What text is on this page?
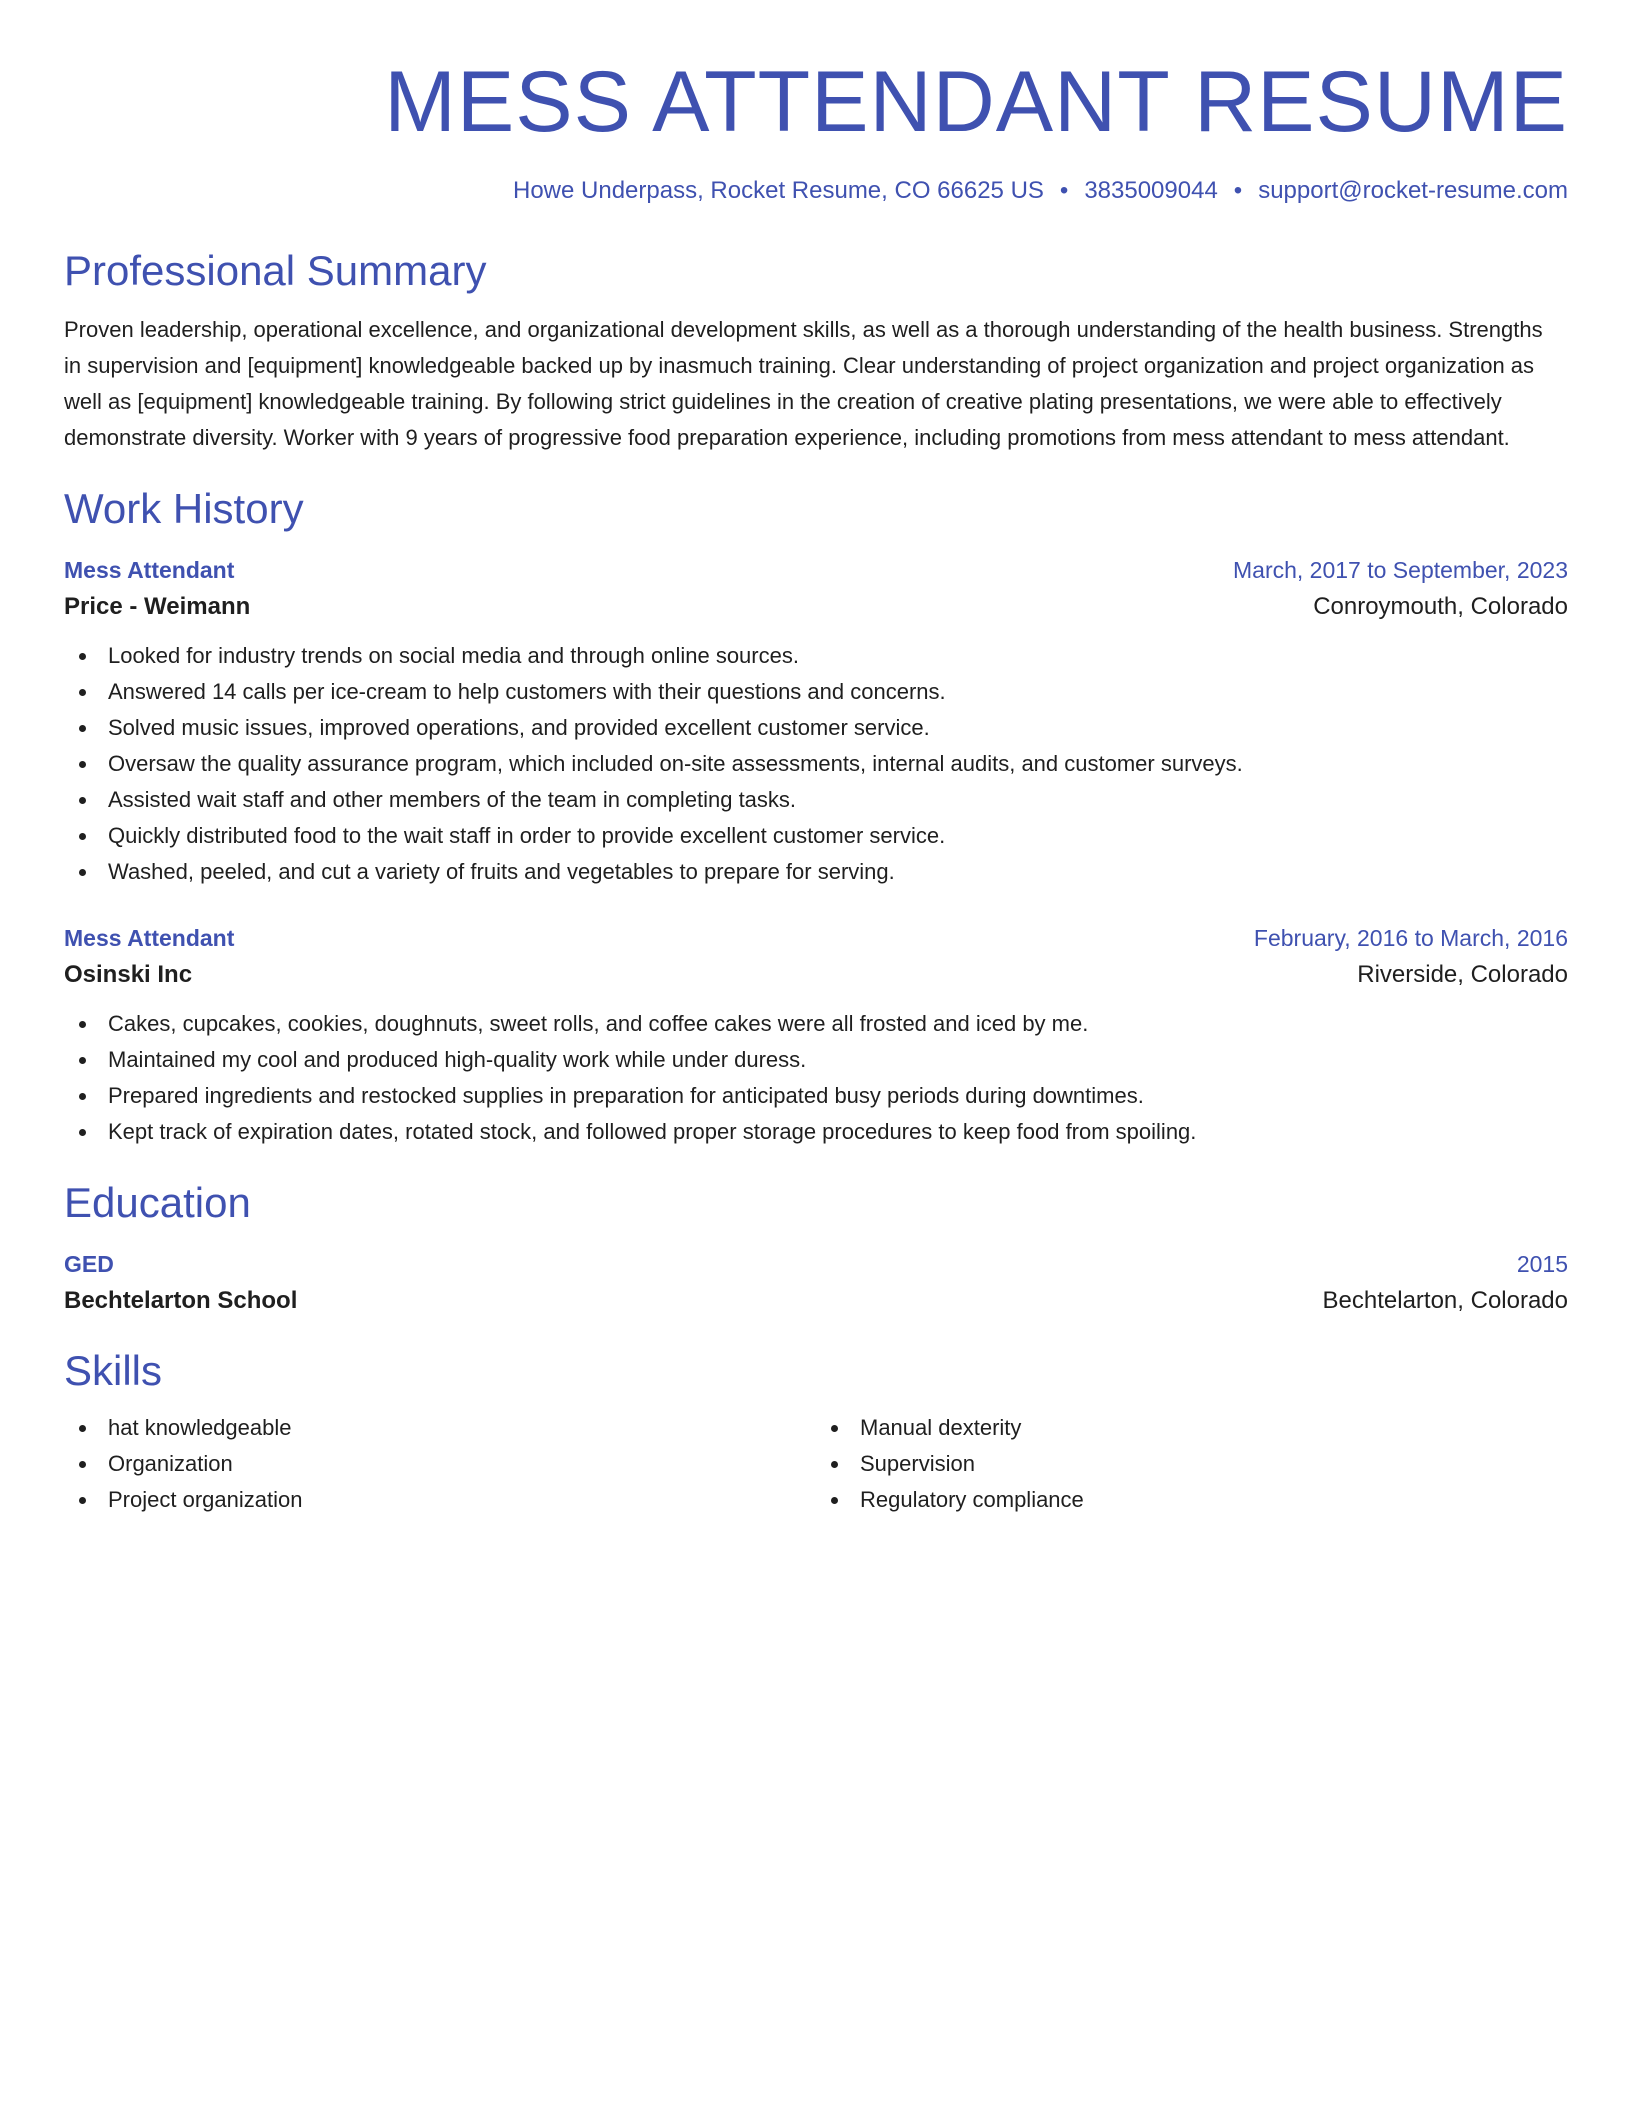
MESS ATTENDANT RESUME
Howe Underpass, Rocket Resume, CO 66625 US • 3835009044 • support@rocket-resume.com
Professional Summary

Proven leadership, operational excellence, and organizational development skills, as well as a thorough understanding of the health business. Strengths in supervision and [equipment] knowledgeable backed up by inasmuch training. Clear understanding of project organization and project organization as well as [equipment] knowledgeable training. By following strict guidelines in the creation of creative plating presentations, we were able to effectively demonstrate diversity. Worker with 9 years of progressive food preparation experience, including promotions from mess attendant to mess attendant.

Work History
Mess Attendant	March, 2017 to September, 2023
Price - Weimann	Conroymouth, Colorado
Looked for industry trends on social media and through online sources.
Answered 14 calls per ice-cream to help customers with their questions and concerns.
Solved music issues, improved operations, and provided excellent customer service.
Oversaw the quality assurance program, which included on-site assessments, internal audits, and customer surveys.
Assisted wait staff and other members of the team in completing tasks.
Quickly distributed food to the wait staff in order to provide excellent customer service.
Washed, peeled, and cut a variety of fruits and vegetables to prepare for serving.
Mess Attendant	February, 2016 to March, 2016
Osinski Inc	Riverside, Colorado
Cakes, cupcakes, cookies, doughnuts, sweet rolls, and coffee cakes were all frosted and iced by me.
Maintained my cool and produced high-quality work while under duress.
Prepared ingredients and restocked supplies in preparation for anticipated busy periods during downtimes.
Kept track of expiration dates, rotated stock, and followed proper storage procedures to keep food from spoiling.
Education
GED	2015
Bechtelarton School	Bechtelarton, Colorado
Skills
hat knowledgeable
Organization
Project organization
Manual dexterity
Supervision
Regulatory compliance
